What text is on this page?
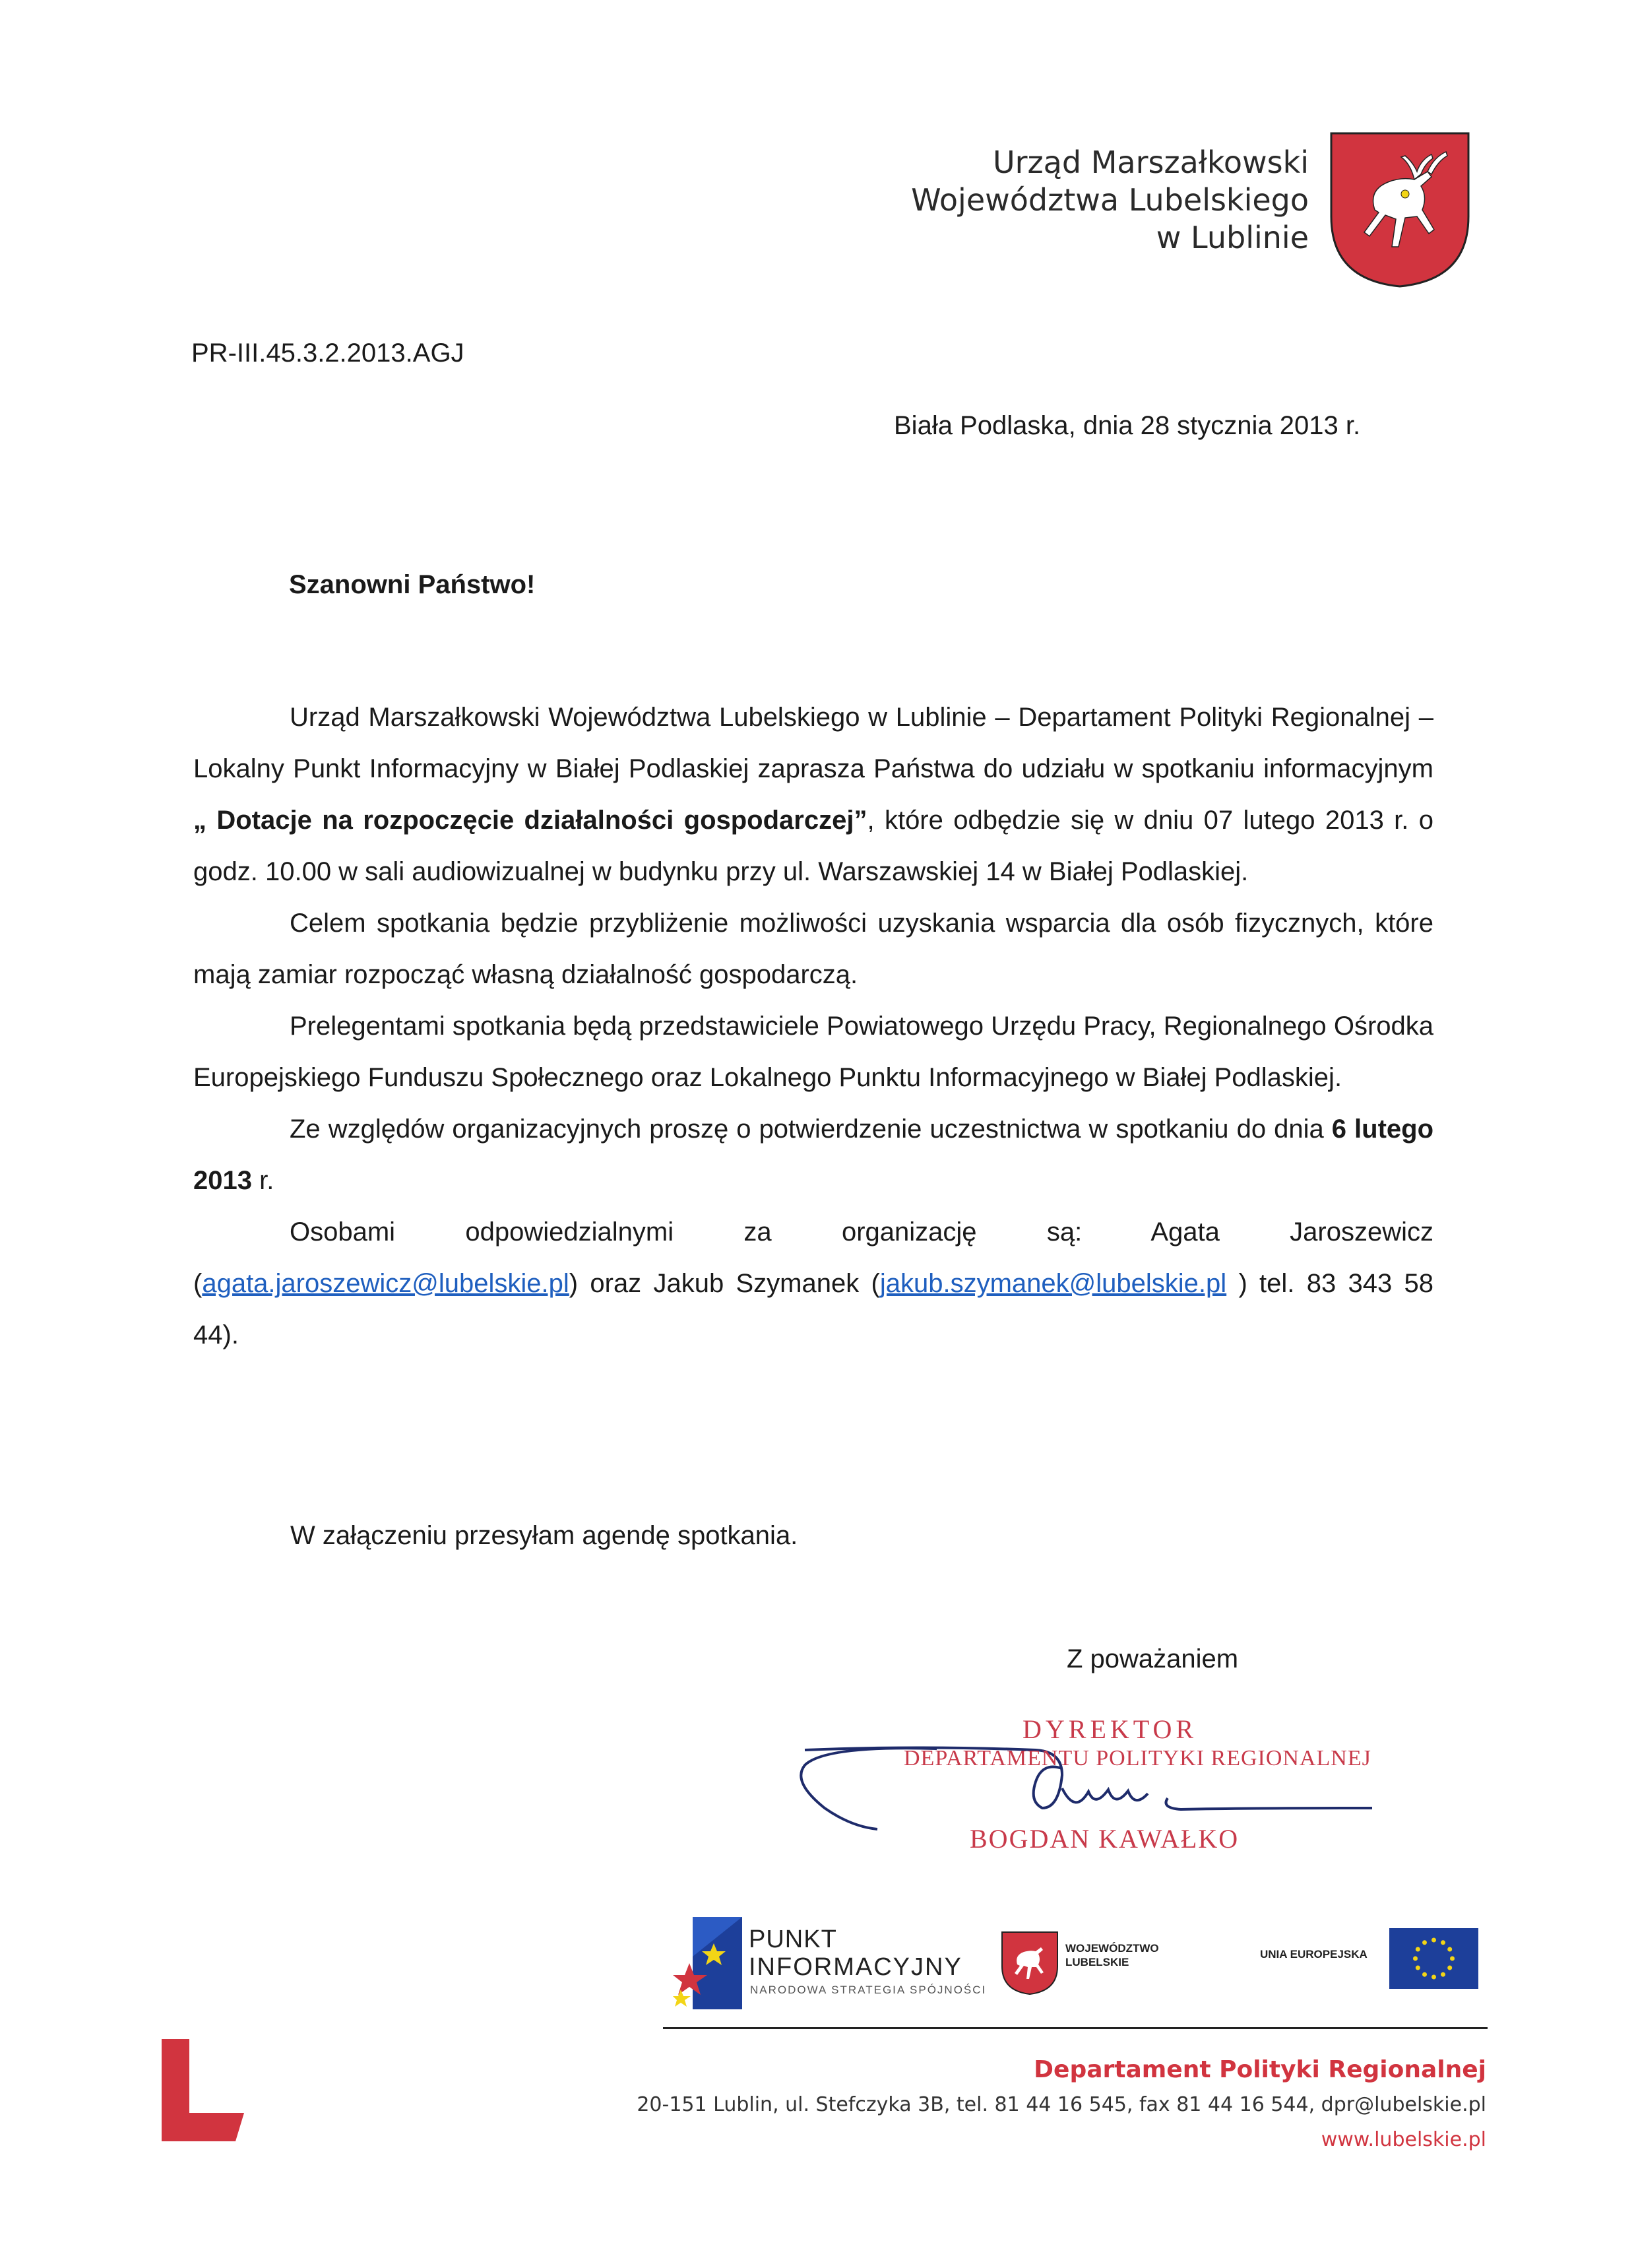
Urząd Marszałkowski
Województwa Lubelskiego
w Lublinie
PR-III.45.3.2.2013.AGJ
Biała Podlaska, dnia 28 stycznia 2013 r.
Szanowni Państwo!

Urząd Marszałkowski Województwa Lubelskiego w Lublinie – Departament Polityki Regionalnej – Lokalny Punkt Informacyjny w Białej Podlaskiej zaprasza Państwa do udziału w spotkaniu informacyjnym „ Dotacje na rozpoczęcie działalności gospodarczej”, które odbędzie się w dniu 07 lutego 2013 r. o godz. 10.00 w sali audiowizualnej w budynku przy ul. Warszawskiej 14 w Białej Podlaskiej.

Celem spotkania będzie przybliżenie możliwości uzyskania wsparcia dla osób fizycznych, które mają zamiar rozpocząć własną działalność gospodarczą.

Prelegentami spotkania będą przedstawiciele Powiatowego Urzędu Pracy, Regionalnego Ośrodka Europejskiego Funduszu Społecznego oraz Lokalnego Punktu Informacyjnego w Białej Podlaskiej.

Ze względów organizacyjnych proszę o potwierdzenie uczestnictwa w spotkaniu do dnia 6 lutego 2013 r.

Osobami odpowiedzialnymi za organizację są: Agata Jaroszewicz (agata.jaroszewicz@lubelskie.pl) oraz Jakub Szymanek (jakub.szymanek@lubelskie.pl ) tel. 83 343 58 44).

W załączeniu przesyłam agendę spotkania.
Z poważaniem
DYREKTOR
DEPARTAMENTU POLITYKI REGIONALNEJ
BOGDAN KAWAŁKO
PUNKT
INFORMACYJNY
NARODOWA STRATEGIA SPÓJNOŚCI
WOJEWÓDZTWO
LUBELSKIE
UNIA EUROPEJSKA
Departament Polityki Regionalnej
20-151 Lublin, ul. Stefczyka 3B, tel. 81 44 16 545, fax 81 44 16 544, dpr@lubelskie.pl
www.lubelskie.pl
